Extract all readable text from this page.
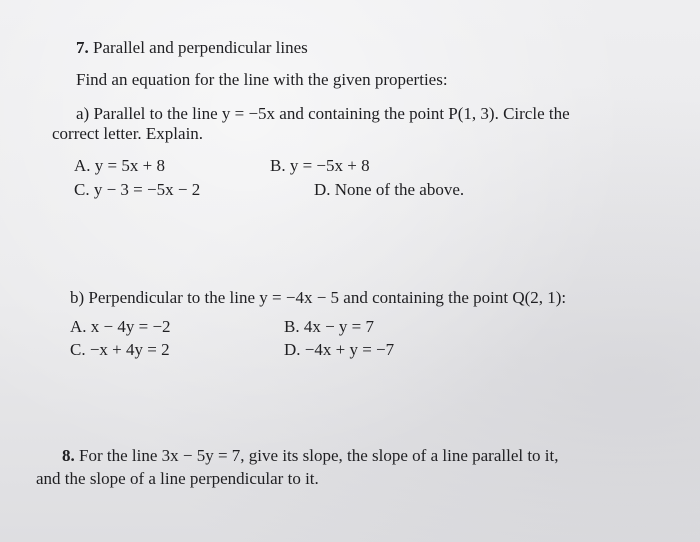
7. Parallel and perpendicular lines
Find an equation for the line with the given properties:
a) Parallel to the line y = −5x and containing the point P(1, 3). Circle the
correct letter. Explain.
A. y = 5x + 8	B. y = −5x + 8
C. y − 3 = −5x − 2	D. None of the above.
b) Perpendicular to the line y = −4x − 5 and containing the point Q(2, 1):
A. x − 4y = −2	B. 4x − y = 7
C. −x + 4y = 2	D. −4x + y = −7
8. For the line 3x − 5y = 7, give its slope, the slope of a line parallel to it,
and the slope of a line perpendicular to it.
